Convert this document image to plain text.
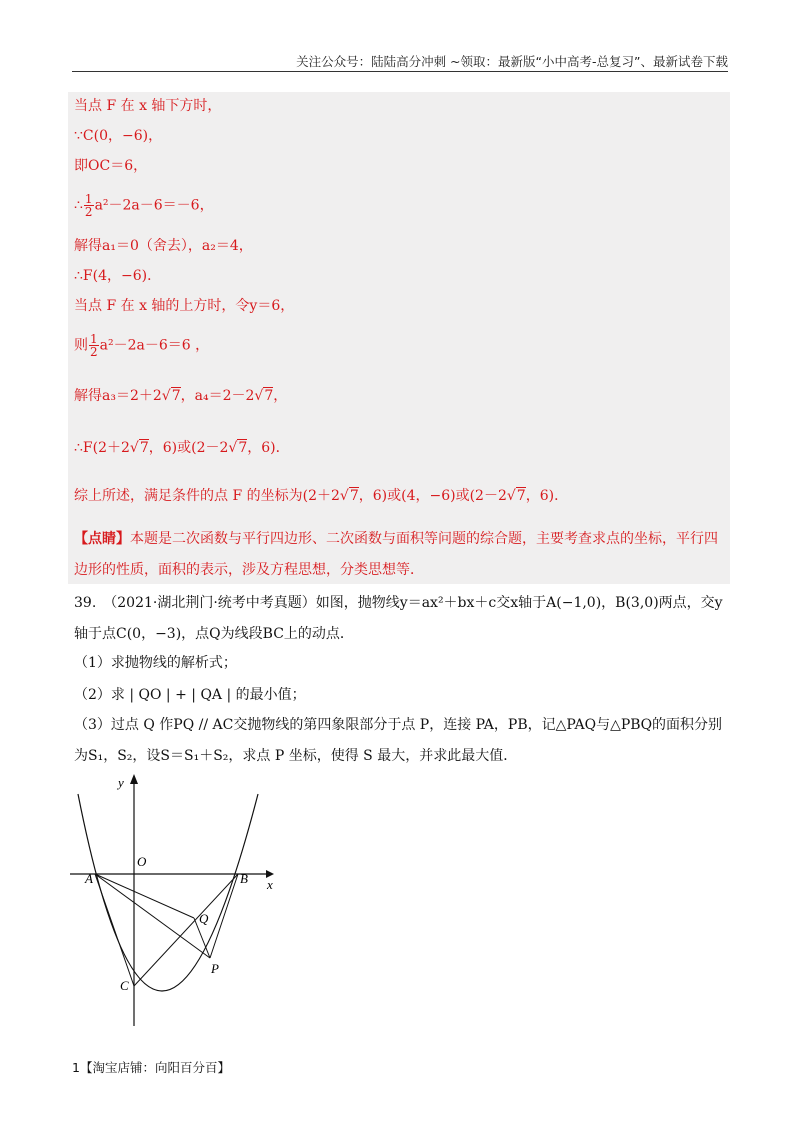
关注公众号：陆陆高分冲刺 ~领取：最新版“小中高考-总复习”、最新试卷下载
当点 F 在 x 轴下方时，
∵C(0，−6)，
即OC＝6，
∴ $\frac{1}{2} a^2-2a-6=-6$，
解得a₁＝0（舍去），a₂＝4，
∴F(4，−6)．
当点 F 在 x 轴的上方时，令y＝6，
则 $\frac{1}{2} a^2-2a-6=6$ ，
解得a₃＝2＋2√7，a₄＝2－2√7，
∴F(2＋2√7，6)或(2－2√7，6)．
综上所述，满足条件的点 F 的坐标为(2＋2√7，6)或(4，−6)或(2－2√7，6)．
【点睛】本题是二次函数与平行四边形、二次函数与面积等问题的综合题，主要考查求点的坐标，平行四边形的性质，面积的表示，涉及方程思想，分类思想等．
39.　（2021·湖北荆门·统考中考真题）如图，抛物线y＝ax²＋bx＋c交x轴于A(−1,0)，B(3,0)两点，交y轴于点C(0，−3)，点Q为线段BC上的动点．
（1）求抛物线的解析式；
（2）求 | QO | + | QA | 的最小值；
（3）过点 Q 作PQ // AC交抛物线的第四象限部分于点 P，连接 PA，PB，记△PAQ与△PBQ的面积分别为S₁，S₂，设S＝S₁＋S₂，求点 P 坐标，使得 S 最大，并求此最大值．
y
x
O
A	B
Q
P
C
1【淘宝店铺：向阳百分百】
